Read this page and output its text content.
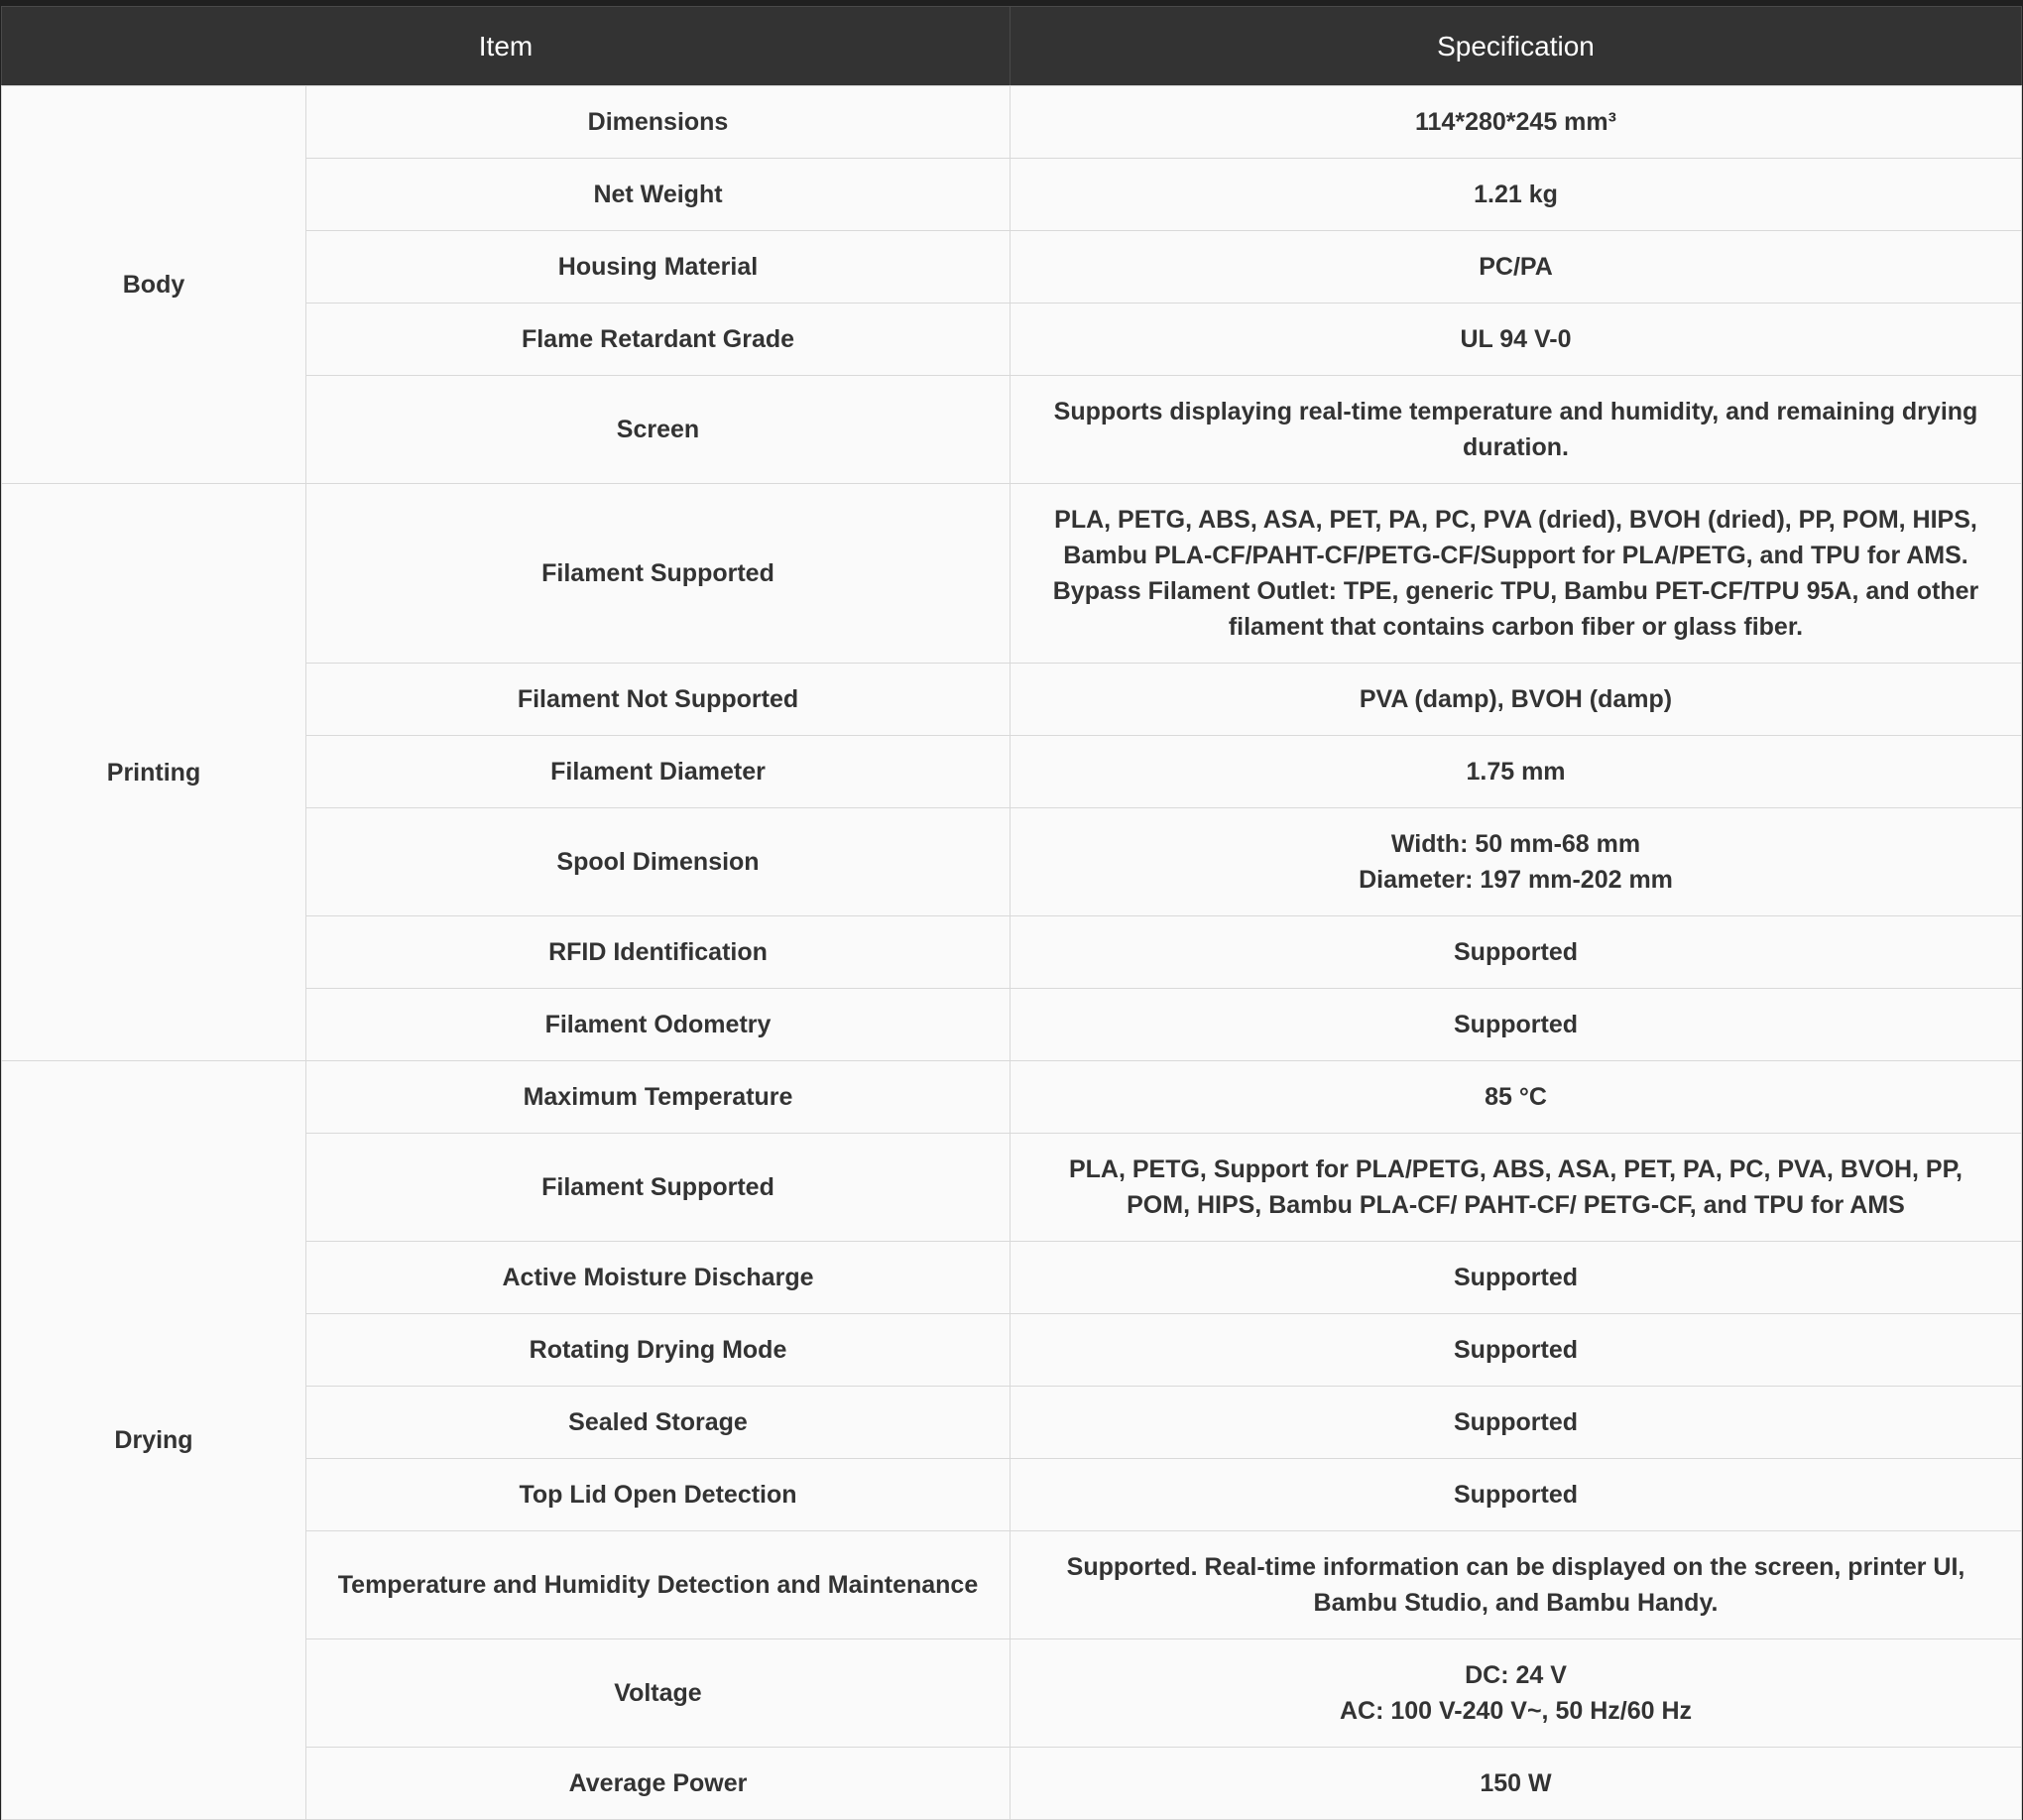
Item		Specification
Body	Dimensions	114*280*245 mm³
	Net Weight	1.21 kg
	Housing Material	PC/PA
	Flame Retardant Grade	UL 94 V-0
	Screen	Supports displaying real-time temperature and humidity, and remaining drying duration.
Printing	Filament Supported	PLA, PETG, ABS, ASA, PET, PA, PC, PVA (dried), BVOH (dried), PP, POM, HIPS, Bambu PLA-CF/PAHT-CF/PETG-CF/Support for PLA/PETG, and TPU for AMS.
Bypass Filament Outlet: TPE, generic TPU, Bambu PET-CF/TPU 95A, and other filament that contains carbon fiber or glass fiber.

	Filament Not Supported	PVA (damp), BVOH (damp)
	Filament Diameter	1.75 mm
	Spool Dimension	Width: 50 mm-68 mm
Diameter: 197 mm-202 mm

	RFID Identification	Supported
	Filament Odometry	Supported
Drying	Maximum Temperature	85 °C
	Filament Supported	PLA, PETG, Support for PLA/PETG, ABS, ASA, PET, PA, PC, PVA, BVOH, PP, POM, HIPS, Bambu PLA-CF/ PAHT-CF/ PETG-CF, and TPU for AMS
	Active Moisture Discharge	Supported
	Rotating Drying Mode	Supported
	Sealed Storage	Supported
	Top Lid Open Detection	Supported
	Temperature and Humidity Detection and Maintenance	Supported. Real-time information can be displayed on the screen, printer UI, Bambu Studio, and Bambu Handy.
	Voltage	DC: 24 V
AC: 100 V-240 V~, 50 Hz/60 Hz

	Average Power	150 W
